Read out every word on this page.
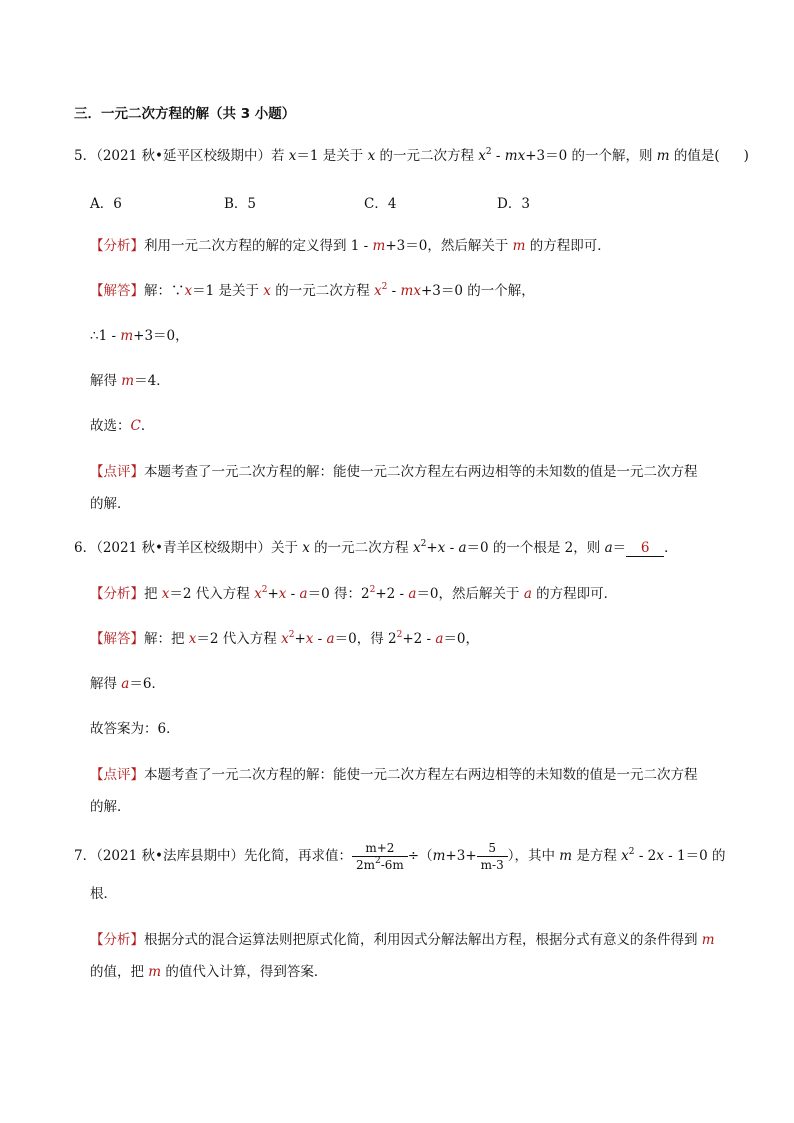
三．一元二次方程的解（共 3 小题）
5．（2021 秋•延平区校级期中）若 x＝1 是关于 x 的一元二次方程 $x^2 - mx+3=0$ 的一个解，则 m 的值是( )
A．6	B．5	C．4	D．3
【分析】利用一元二次方程的解的定义得到 1 - m+3＝0，然后解关于 m 的方程即可．
【解答】解：∵x＝1 是关于 x 的一元二次方程 $x^2 - mx+3=0$ 的一个解，
∴1 - m+3＝0，
解得 m＝4．
故选：C．
【点评】本题考查了一元二次方程的解：能使一元二次方程左右两边相等的未知数的值是一元二次方程
的解．
6．（2021 秋•青羊区校级期中）关于 x 的一元二次方程 $x^2+x - a=0$ 的一个根是 2，则 a＝ 6 ．
【分析】把 x＝2 代入方程 $x^2+x - a=0$ 得：$2^2+2 - a=0$，然后解关于 a 的方程即可．
【解答】解：把 x＝2 代入方程 $x^2+x - a=0$，得 $2^2+2 - a=0$，
解得 a＝6．
故答案为：6．
【点评】本题考查了一元二次方程的解：能使一元二次方程左右两边相等的未知数的值是一元二次方程
的解．
7．（2021 秋•法库县期中）先化简，再求值： $\frac{m+2}{2m^2-6m} \div(m+3+ \frac{5}{m-3}$ ），其中 m 是方程 $x^2 - 2x - 1=0$ 的
根．
【分析】根据分式的混合运算法则把原式化简，利用因式分解法解出方程，根据分式有意义的条件得到 m
的值，把 m 的值代入计算，得到答案．
